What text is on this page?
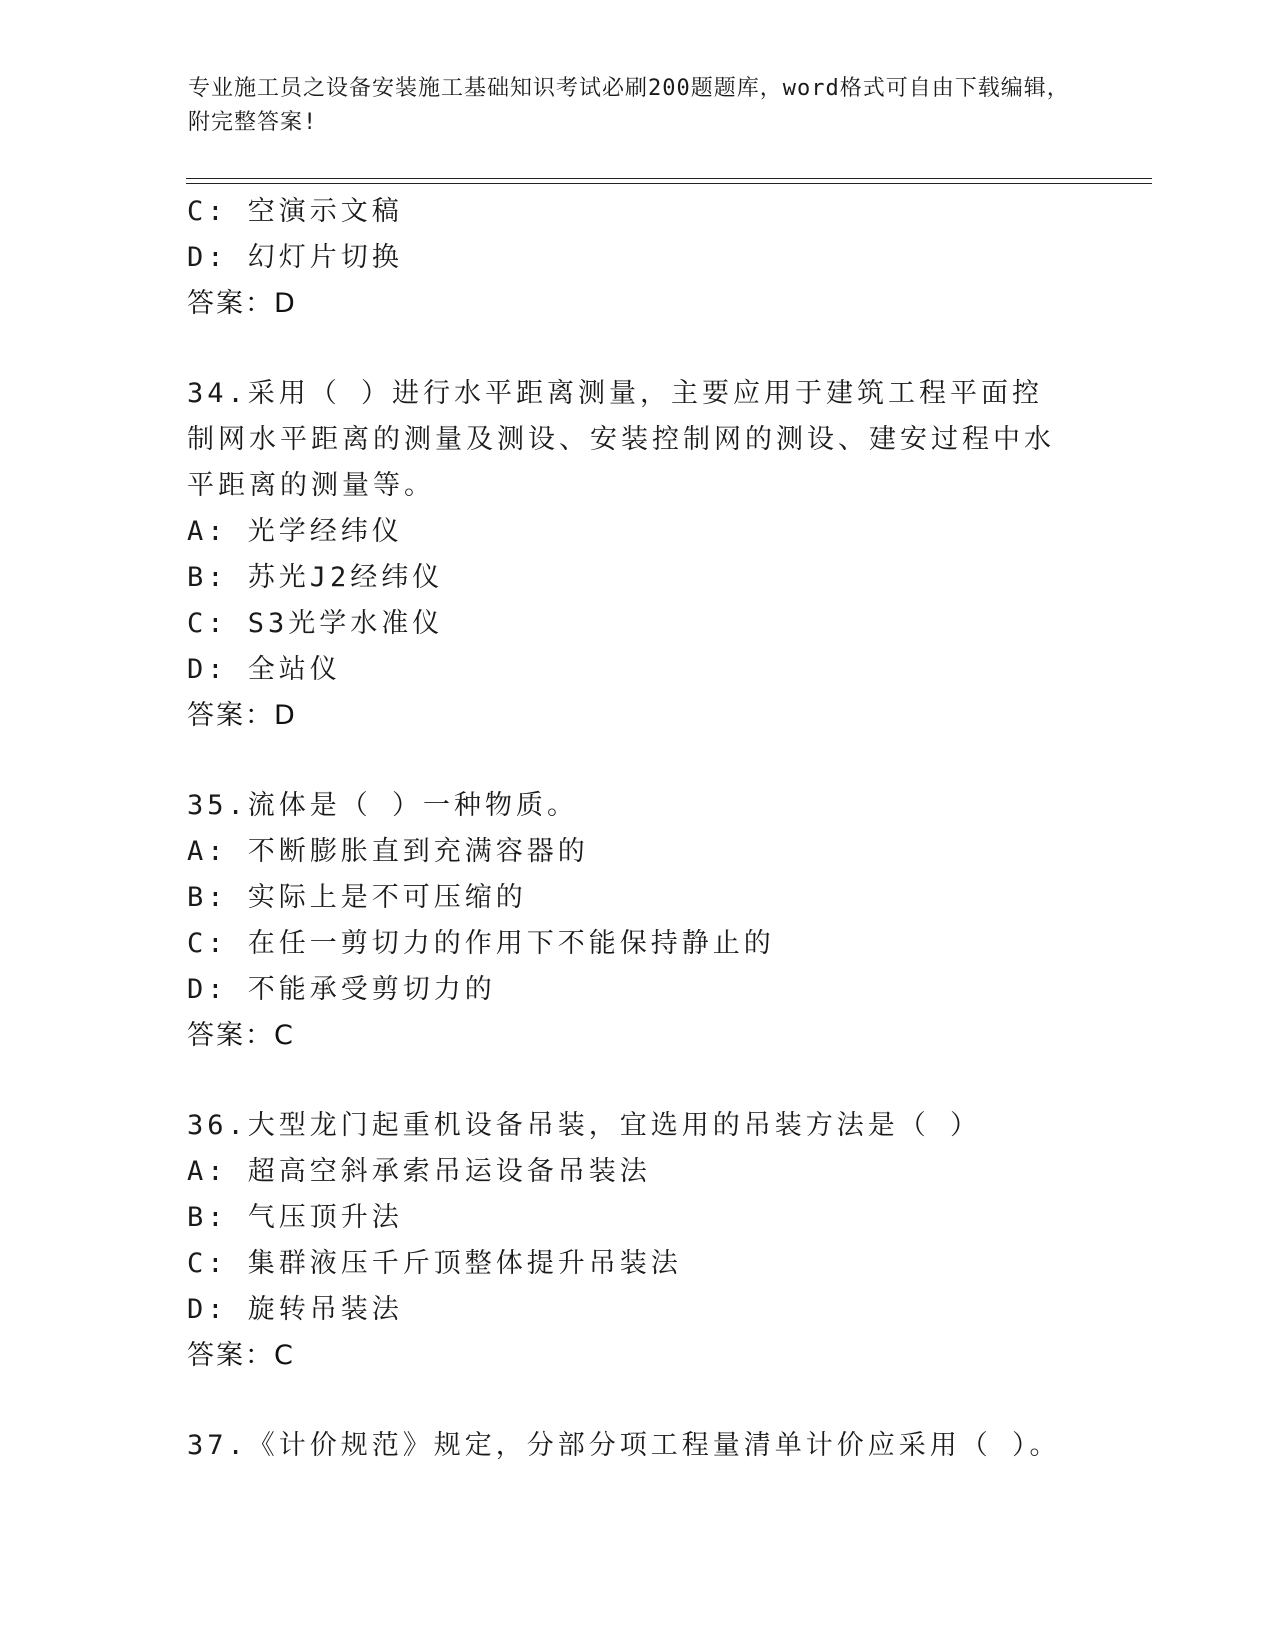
专业施工员之设备安装施工基础知识考试必刷200题题库，word格式可自由下载编辑，附完整答案!
C: 空演示文稿
D: 幻灯片切换
答案：D
34.采用（ ）进行水平距离测量，主要应用于建筑工程平面控制网水平距离的测量及测设、安装控制网的测设、建安过程中水平距离的测量等。
A: 光学经纬仪
B: 苏光J2经纬仪
C: S3光学水准仪
D: 全站仪
答案：D
35.流体是（ ）一种物质。
A: 不断膨胀直到充满容器的
B: 实际上是不可压缩的
C: 在任一剪切力的作用下不能保持静止的
D: 不能承受剪切力的
答案：C
36.大型龙门起重机设备吊装，宜选用的吊装方法是（ ）
A: 超高空斜承索吊运设备吊装法
B: 气压顶升法
C: 集群液压千斤顶整体提升吊装法
D: 旋转吊装法
答案：C
37.《计价规范》规定，分部分项工程量清单计价应采用（ ）。
